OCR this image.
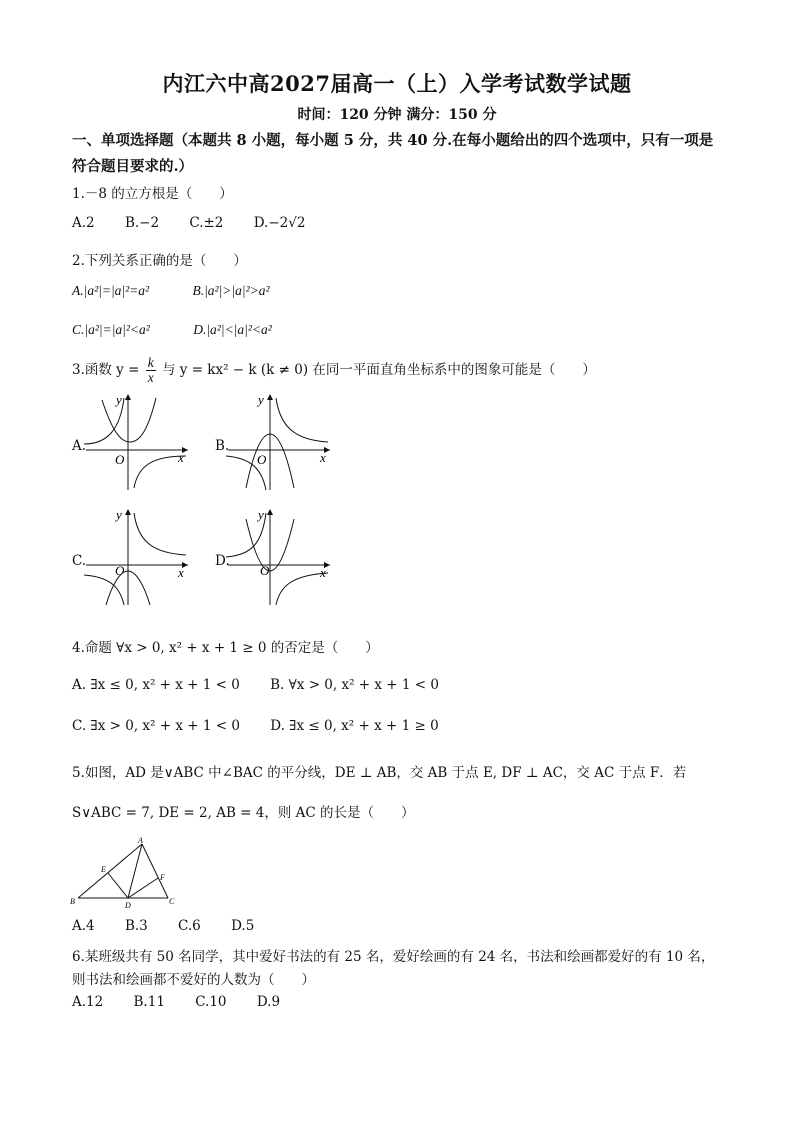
内江六中高2027届高一（上）入学考试数学试题
时间：120 分钟 满分：150 分
一、单项选择题（本题共 8 小题，每小题 5 分，共 40 分.在每小题给出的四个选项中，只有一项是符合题目要求的.）
1.－8 的立方根是（　　）
A.2 B.−2 C.±2 D.−2√2
2.下列关系正确的是（　　）
A.|a²|=|a|²=a²	B.|a²|>|a|²>a²
C.|a²|=|a|²<a²	D.|a²|<|a|²<a²
3.函数 $y = \frac{k}{x}$ 与 y = kx² − k (k ≠ 0) 在同一平面直角坐标系中的图象可能是（　　）
A.
x
y
O
B.
x
y
O
C.
x
y
O
D.
x
y
O
4.命题 ∀x > 0, x² + x + 1 ≥ 0 的否定是（　　）
A. ∃x ≤ 0, x² + x + 1 < 0 B. ∀x > 0, x² + x + 1 < 0
C. ∃x > 0, x² + x + 1 < 0 D. ∃x ≤ 0, x² + x + 1 ≥ 0
5.如图，AD 是∨ABC 中∠BAC 的平分线，DE ⊥ AB，交 AB 于点 E, DF ⊥ AC，交 AC 于点 F．若
S∨ABC = 7, DE = 2, AB = 4，则 AC 的长是（　　）
A
B	C
D
E
F
A.4 B.3 C.6 D.5
6.某班级共有 50 名同学，其中爱好书法的有 25 名，爱好绘画的有 24 名，书法和绘画都爱好的有 10 名，
则书法和绘画都不爱好的人数为（　　）
A.12 B.11 C.10 D.9
